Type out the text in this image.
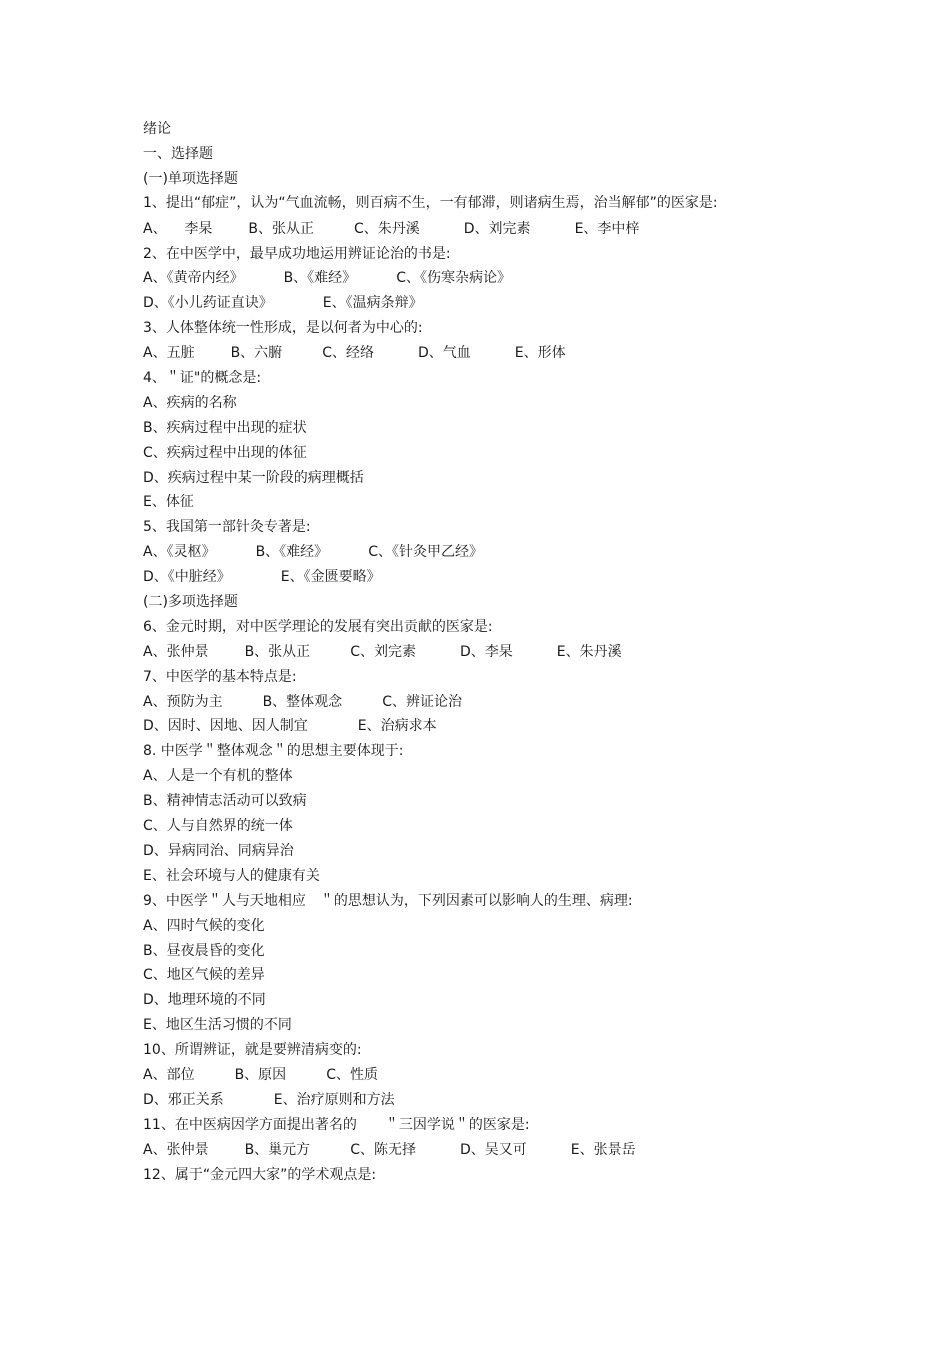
绪论
一、选择题
(一)单项选择题
1、提出“郁症”，认为“气血流畅，则百病不生，一有郁滞，则诸病生焉，治当解郁”的医家是:
A、    李杲	B、张从正	C、朱丹溪	D、刘完素	E、李中梓
2、在中医学中，最早成功地运用辨证论治的书是:
A、《黄帝内经》	B、《难经》	C、《伤寒杂病论》
D、《小儿药证直诀》	E、《温病条辩》
3、人体整体统一性形成，是以何者为中心的:
A、五脏	B、六腑	C、经络	D、气血	E、形体
4、＂证"的概念是:
A、疾病的名称
B、疾病过程中出现的症状
C、疾病过程中出现的体征
D、疾病过程中某一阶段的病理概括
E、体征
5、我国第一部针灸专著是:
A、《灵枢》	B、《难经》	C、《针灸甲乙经》
D、《中脏经》	E、《金匮要略》
(二)多项选择题
6、金元时期，对中医学理论的发展有突出贡献的医家是:
A、张仲景	B、张从正	C、刘完素	D、李杲	E、朱丹溪
7、中医学的基本特点是:
A、预防为主	B、整体观念	C、辨证论治
D、因时、因地、因人制宜	E、治病求本
8. 中医学＂整体观念＂的思想主要体现于:
A、人是一个有机的整体
B、精神情志活动可以致病
C、人与自然界的统一体
D、异病同治、同病异治
E、社会环境与人的健康有关
9、中医学＂人与天地相应　＂的思想认为，下列因素可以影响人的生理、病理:
A、四时气候的变化
B、昼夜晨昏的变化
C、地区气候的差异
D、地理环境的不同
E、地区生活习惯的不同
10、所谓辨证，就是要辨清病变的:
A、部位	B、原因	C、性质
D、邪正关系	E、治疗原则和方法
11、在中医病因学方面提出著名的　　＂三因学说＂的医家是:
A、张仲景	B、巢元方	C、陈无择	D、吴又可	E、张景岳
12、属于“金元四大家”的学术观点是:
